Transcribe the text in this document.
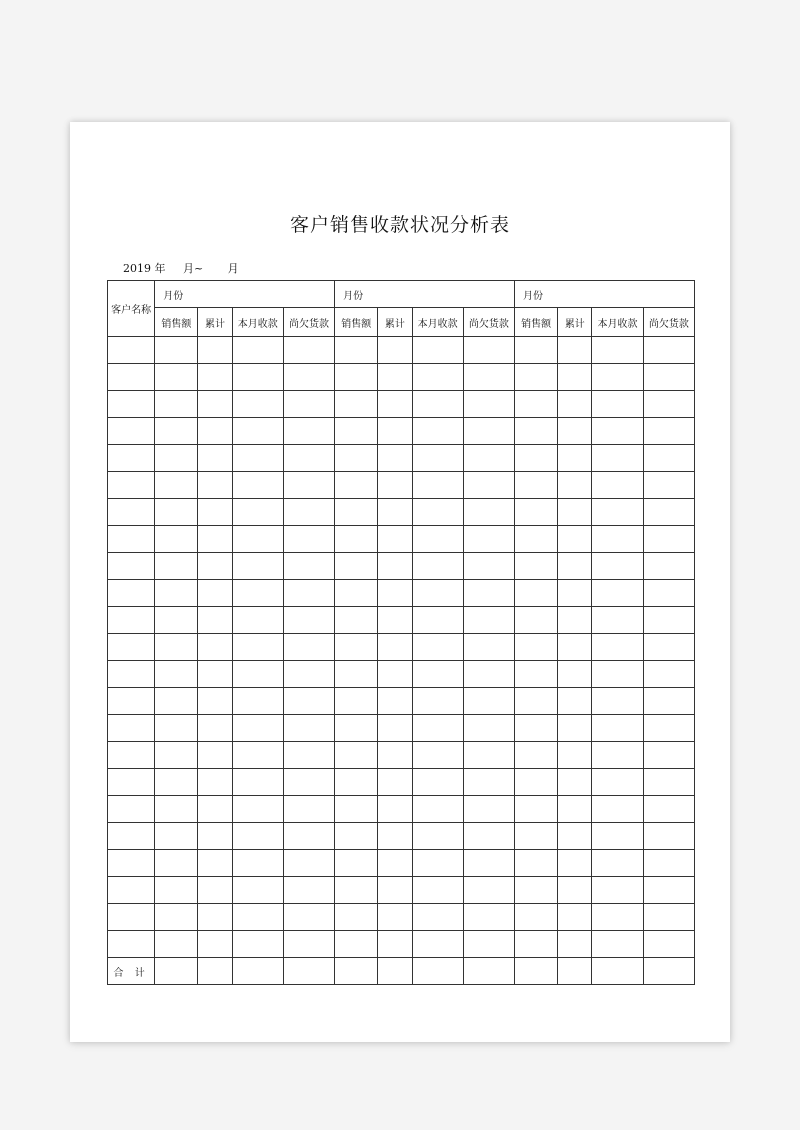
客户销售收款状况分析表
2019 年     月~       月
客户名称	月份				月份				月份			
	销售额	累计	本月收款	尚欠货款	销售额	累计	本月收款	尚欠货款	销售额	累计	本月收款	尚欠货款

合 计												
